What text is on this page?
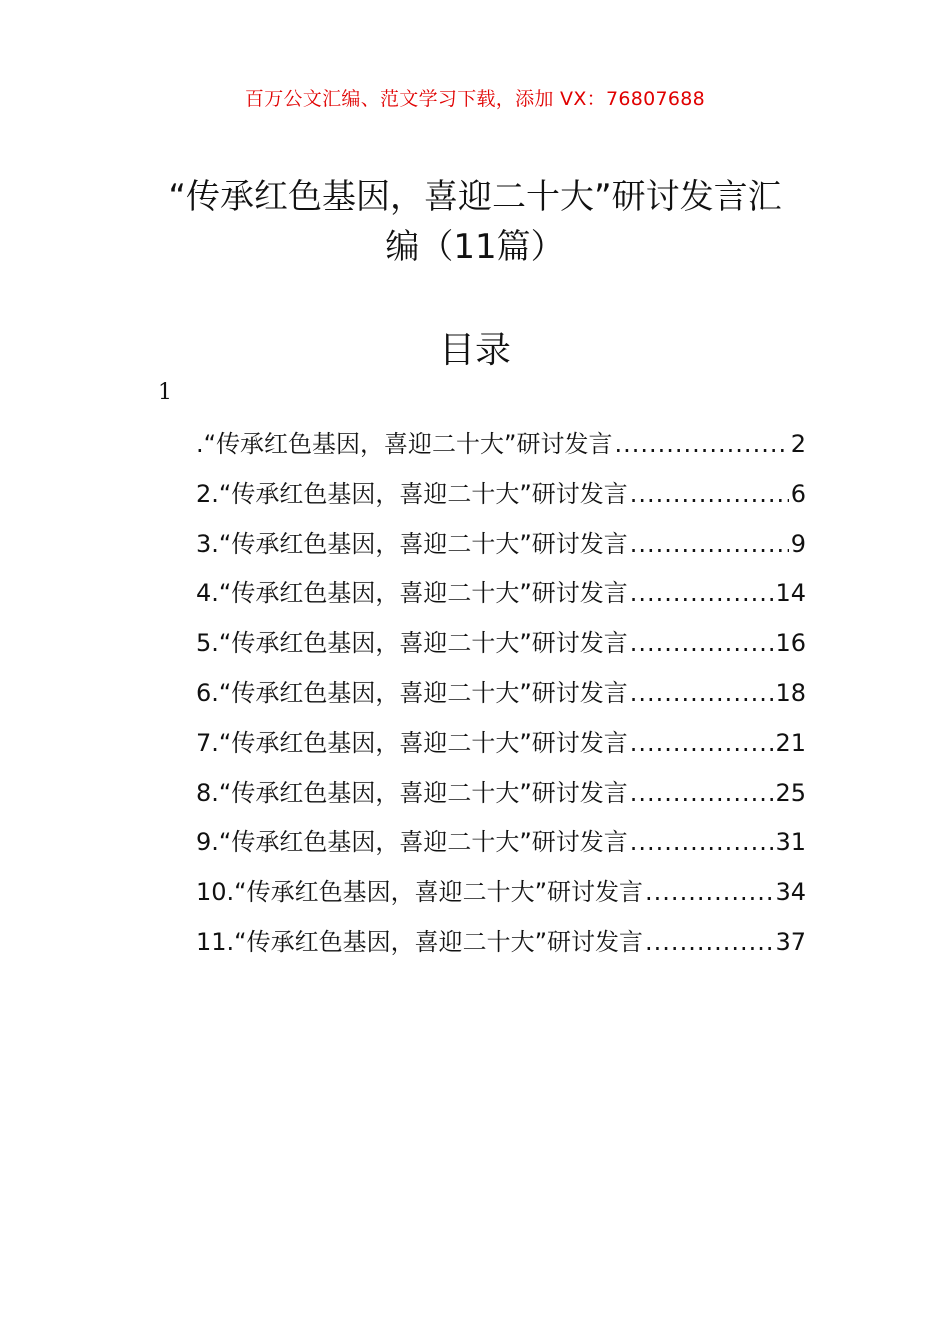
百万公文汇编、范文学习下载，添加 VX：76807688
“传承红色基因，喜迎二十大”研讨发言汇
编（11篇）
目录
1
.“传承红色基因，喜迎二十大”研讨发言 .....	2
2.“传承红色基因，喜迎二十大”研讨发言 .....	6
3.“传承红色基因，喜迎二十大”研讨发言 .....	9
4.“传承红色基因，喜迎二十大”研讨发言 .....	14
5.“传承红色基因，喜迎二十大”研讨发言 .....	16
6.“传承红色基因，喜迎二十大”研讨发言 .....	18
7.“传承红色基因，喜迎二十大”研讨发言 .....	21
8.“传承红色基因，喜迎二十大”研讨发言 .....	25
9.“传承红色基因，喜迎二十大”研讨发言 .....	31
10.“传承红色基因，喜迎二十大”研讨发言 .....	34
11.“传承红色基因，喜迎二十大”研讨发言 .....	37
